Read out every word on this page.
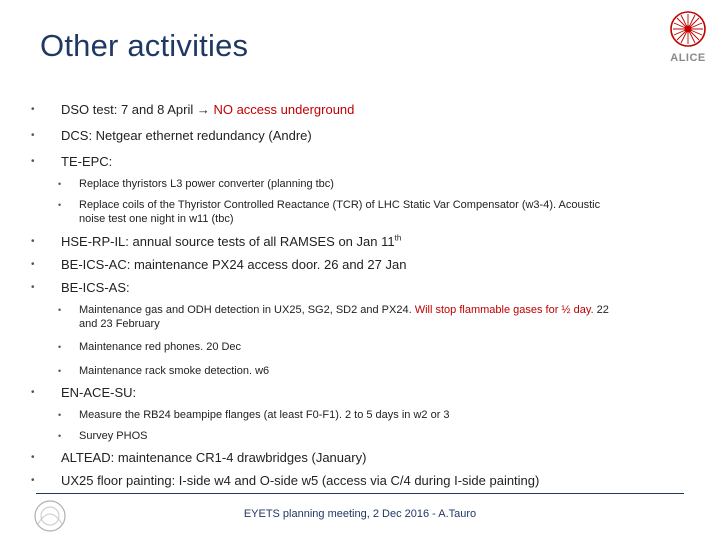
Other activities	ALICE
• DSO test: 7 and 8 April → NO access underground
• DCS: Netgear ethernet redundancy (Andre)
• TE-EPC:
• Replace thyristors L3 power converter (planning tbc)
• Replace coils of the Thyristor Controlled Reactance (TCR) of LHC Static Var Compensator (w3-4). Acoustic
noise test one night in w11 (tbc)
• HSE-RP-IL: annual source tests of all RAMSES on Jan 11th
• BE-ICS-AC: maintenance PX24 access door. 26 and 27 Jan
• BE-ICS-AS:
• Maintenance gas and ODH detection in UX25, SG2, SD2 and PX24. Will stop flammable gases for ½ day. 22
and 23 February
• Maintenance red phones. 20 Dec
• Maintenance rack smoke detection. w6
• EN-ACE-SU:
• Measure the RB24 beampipe flanges (at least F0-F1). 2 to 5 days in w2 or 3
• Survey PHOS
• ALTEAD: maintenance CR1-4 drawbridges (January)
• UX25 floor painting: I-side w4 and O-side w5 (access via C/4 during I-side painting)
EYETS planning meeting, 2 Dec 2016 - A.Tauro
